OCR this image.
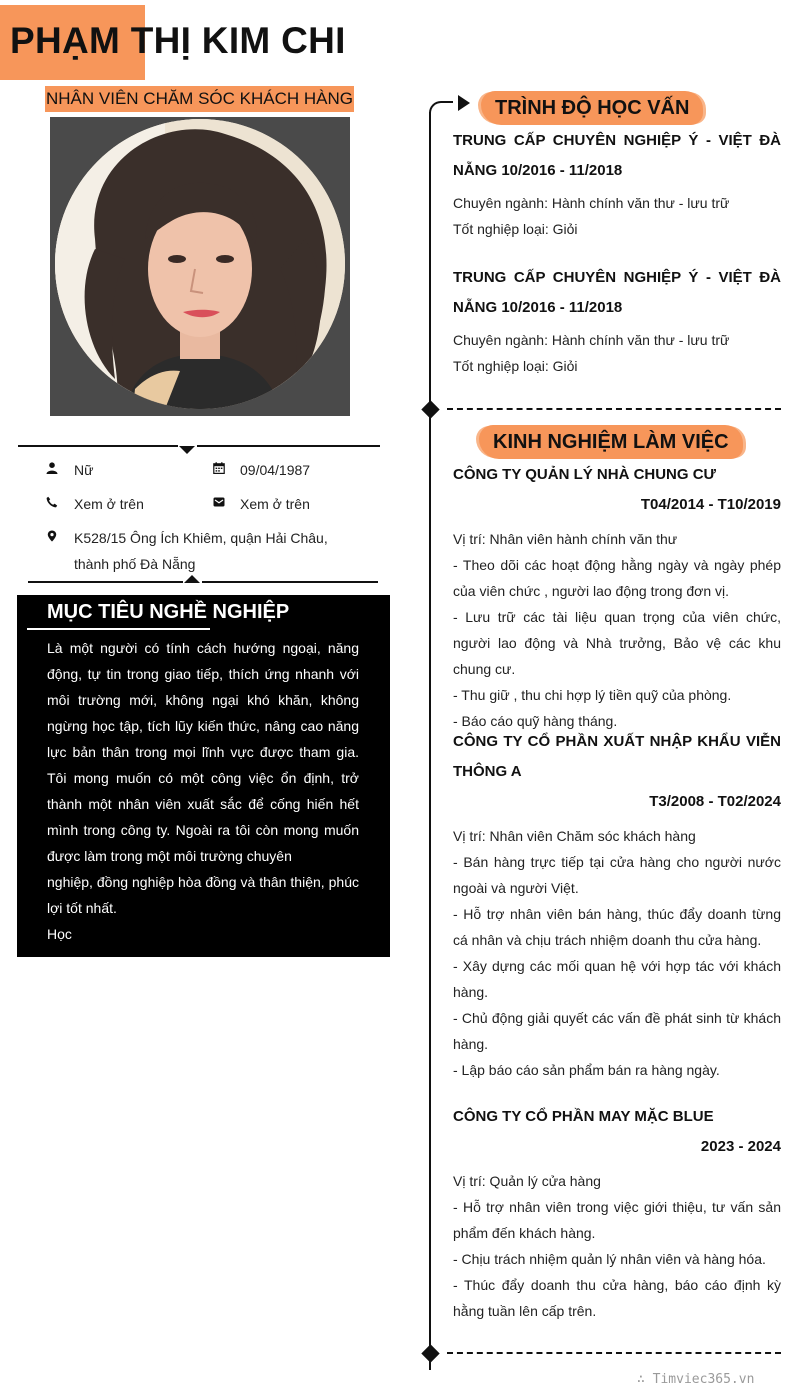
PHẠM THỊ KIM CHI
NHÂN VIÊN CHĂM SÓC KHÁCH HÀNG
Nữ	09/04/1987
Xem ở trên	Xem ở trên
K528/15 Ông Ích Khiêm, quận Hải Châu,
thành phố Đà Nẵng
MỤC TIÊU NGHỀ NGHIỆP

Là một người có tính cách hướng ngoại, năng

động, tự tin trong giao tiếp, thích ứng nhanh với

môi trường mới, không ngại khó khăn, không

ngừng học tập, tích lũy kiến thức, nâng cao năng

lực bản thân trong mọi lĩnh vực được tham gia.

Tôi mong muốn có một công việc ổn định, trở

thành một nhân viên xuất sắc để cống hiến hết

mình trong công ty. Ngoài ra tôi còn mong muốn

được làm trong một môi trường chuyên

nghiệp, đồng nghiệp hòa đồng và thân thiện, phúc

lợi tốt nhất.

Học

TRÌNH ĐỘ HỌC VẤN
TRUNG CẤP CHUYÊN NGHIỆP Ý - VIỆT ĐÀ
NẴNG 10/2016 - 11/2018
Chuyên ngành: Hành chính văn thư - lưu trữ
Tốt nghiệp loại: Giỏi
TRUNG CẤP CHUYÊN NGHIỆP Ý - VIỆT ĐÀ
NẴNG 10/2016 - 11/2018
Chuyên ngành: Hành chính văn thư - lưu trữ
Tốt nghiệp loại: Giỏi
KINH NGHIỆM LÀM VIỆC
CÔNG TY QUẢN LÝ NHÀ CHUNG CƯ
T04/2014 - T10/2019
Vị trí: Nhân viên hành chính văn thư
- Theo dõi các hoạt động hằng ngày và ngày phép của viên chức , người lao động trong đơn vị.
- Lưu trữ các tài liệu quan trọng của viên chức, người lao động và Nhà trưởng, Bảo vệ các khu chung cư.
- Thu giữ , thu chi hợp lý tiền quỹ của phòng.
- Báo cáo quỹ hàng tháng.
CÔNG TY CỔ PHẦN XUẤT NHẬP KHẨU VIỄN
THÔNG A
T3/2008 - T02/2024
Vị trí: Nhân viên Chăm sóc khách hàng
- Bán hàng trực tiếp tại cửa hàng cho người nước ngoài và người Việt.
- Hỗ trợ nhân viên bán hàng, thúc đẩy doanh từng cá nhân và chịu trách nhiệm doanh thu cửa hàng.
- Xây dựng các mối quan hệ với hợp tác với khách hàng.
- Chủ động giải quyết các vấn đề phát sinh từ khách hàng.
- Lập báo cáo sản phẩm bán ra hàng ngày.
CÔNG TY CỔ PHẦN MAY MẶC BLUE
2023 - 2024
Vị trí: Quản lý cửa hàng
- Hỗ trợ nhân viên trong việc giới thiệu, tư vấn sản phẩm đến khách hàng.
- Chịu trách nhiệm quản lý nhân viên và hàng hóa.
- Thúc đẩy doanh thu cửa hàng, báo cáo định kỳ hằng tuần lên cấp trên.
∴ Timviec365.vn
